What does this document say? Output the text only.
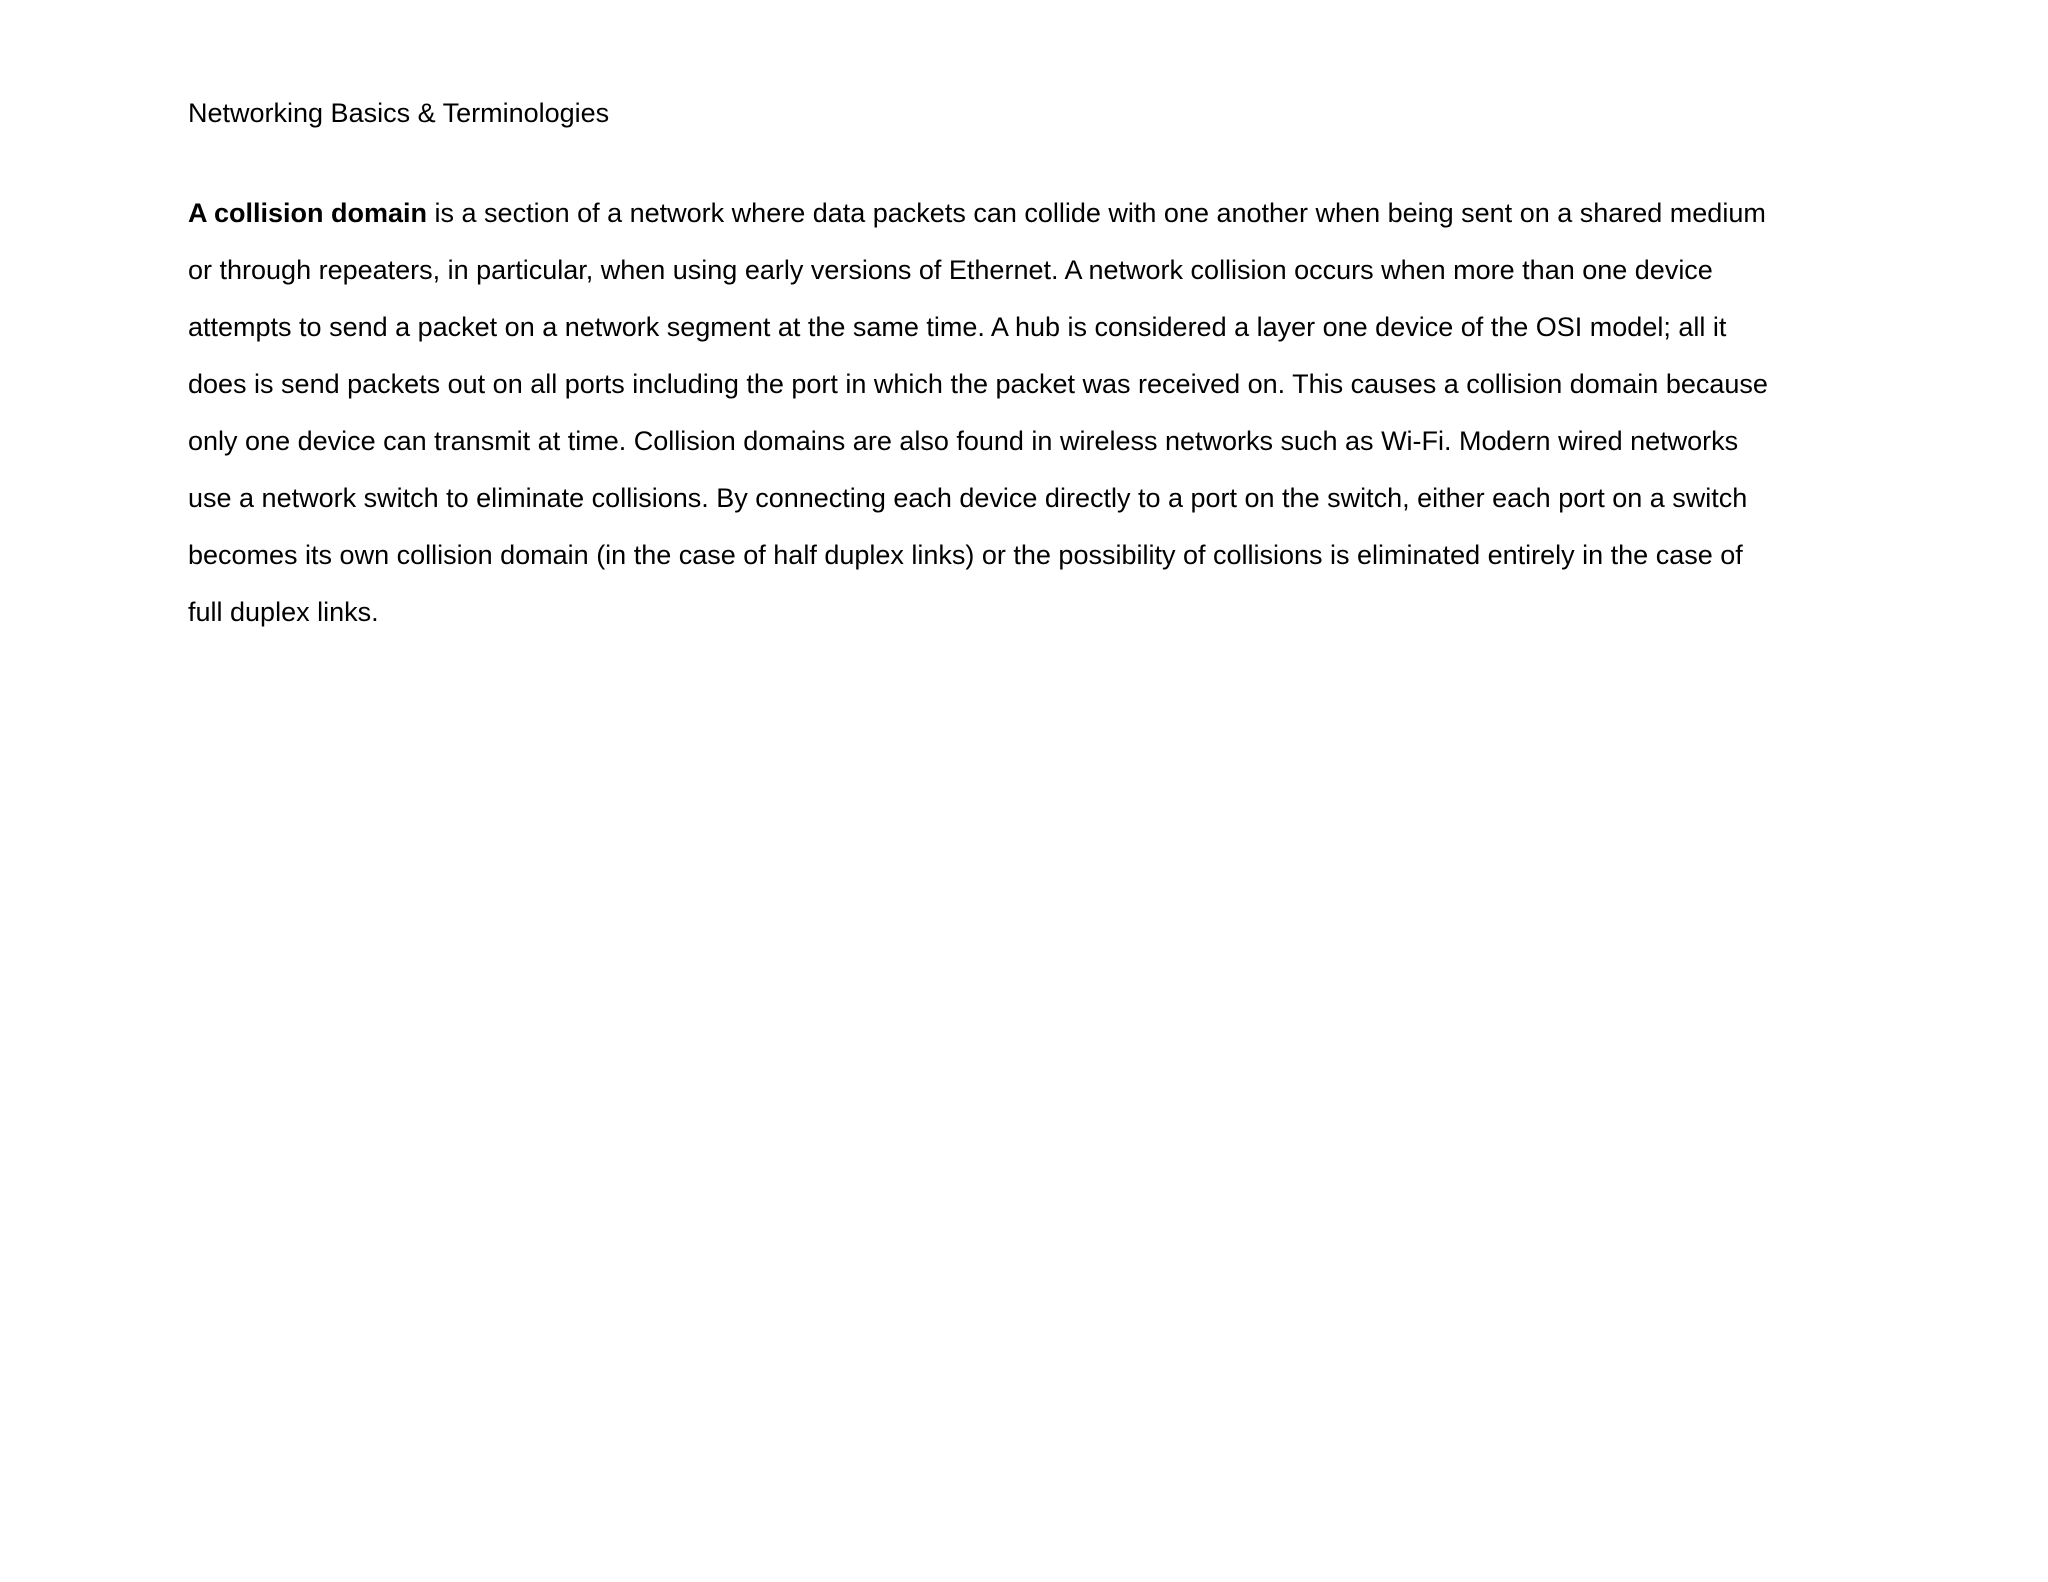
Networking Basics & Terminologies
A collision domain is a section of a network where data packets can collide with one another when being sent on a shared medium
or through repeaters, in particular, when using early versions of Ethernet. A network collision occurs when more than one device
attempts to send a packet on a network segment at the same time. A hub is considered a layer one device of the OSI model; all it
does is send packets out on all ports including the port in which the packet was received on. This causes a collision domain because
only one device can transmit at time. Collision domains are also found in wireless networks such as Wi-Fi. Modern wired networks
use a network switch to eliminate collisions. By connecting each device directly to a port on the switch, either each port on a switch
becomes its own collision domain (in the case of half duplex links) or the possibility of collisions is eliminated entirely in the case of
full duplex links.
